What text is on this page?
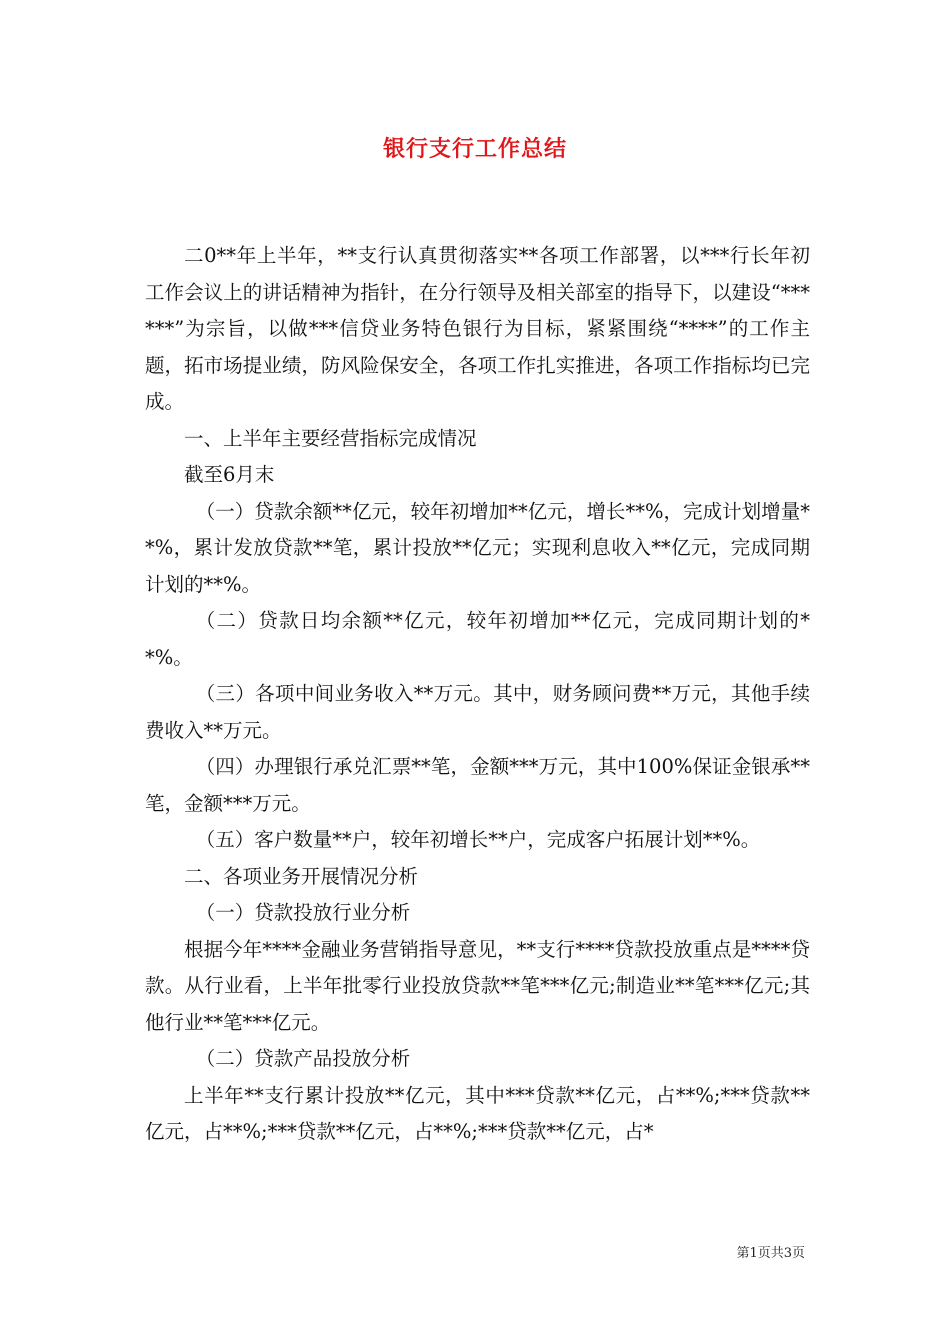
银行支行工作总结

二0**年上半年，**支行认真贯彻落实**各项工作部署，以***行长年初工作会议上的讲话精神为指针，在分行领导及相关部室的指导下，以建设“******”为宗旨，以做***信贷业务特色银行为目标，紧紧围绕“****”的工作主题，拓市场提业绩，防风险保安全，各项工作扎实推进，各项工作指标均已完成。

一、上半年主要经营指标完成情况

截至6月末

（一）贷款余额**亿元，较年初增加**亿元，增长**%，完成计划增量**%，累计发放贷款**笔，累计投放**亿元；实现利息收入**亿元，完成同期计划的**%。

（二）贷款日均余额**亿元，较年初增加**亿元，完成同期计划的**%。

（三）各项中间业务收入**万元。其中，财务顾问费**万元，其他手续费收入**万元。

（四）办理银行承兑汇票**笔，金额***万元，其中100%保证金银承**笔，金额***万元。

（五）客户数量**户，较年初增长**户，完成客户拓展计划**%。

二、各项业务开展情况分析

（一）贷款投放行业分析

根据今年****金融业务营销指导意见，**支行****贷款投放重点是****贷款。从行业看，上半年批零行业投放贷款**笔***亿元;制造业**笔***亿元;其他行业**笔***亿元。

（二）贷款产品投放分析

上半年**支行累计投放**亿元，其中***贷款**亿元，占**%;***贷款**亿元，占**%;***贷款**亿元，占**%;***贷款**亿元，占*

第1页共3页
